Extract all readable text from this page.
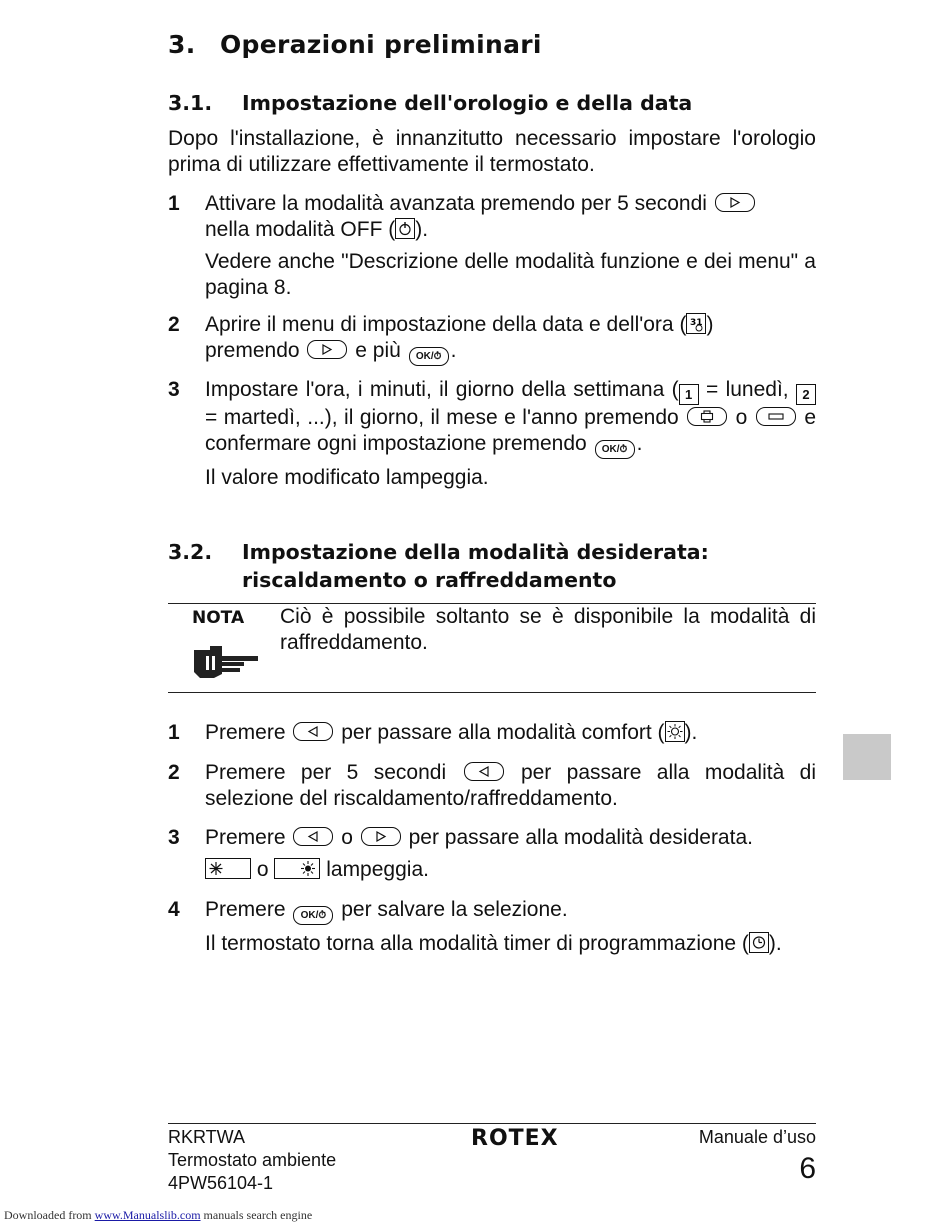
3. Operazioni preliminari
3.1. Impostazione dell'orologio e della data
Dopo l'installazione, è innanzitutto necessario impostare l'orologio prima di utilizzare effettivamente il termostato.
1 Attivare la modalità avanzata premendo per 5 secondi

nella modalità OFF ( ).
Vedere anche "Descrizione delle modalità funzione e dei menu" a pagina 8.
2 Aprire il menu di impostazione della data e dell'ora ( 31 )
premendo	e più OK/⏱ .
3 Impostare l'ora, i minuti, il giorno della settimana ( 1 = lunedì, 2 = martedì, ...), il giorno, il mese e l'anno premendo	o	e confermare ogni impostazione premendo OK/⏱ .
Il valore modificato lampeggia.
3.2. Impostazione della modalità desiderata:
riscaldamento o raffreddamento
NOTA Ciò è possibile soltanto se è disponibile la modalità di raffreddamento.
1 Premere	per passare alla modalità comfort ( ).
2 Premere per 5 secondi	per passare alla modalità di selezione del riscaldamento/raffreddamento.
3 Premere	o	per passare alla modalità desiderata.
o	lampeggia.
4 Premere OK/⏱ per salvare la selezione.
Il termostato torna alla modalità timer di programmazione ( ).
RKRTWA
Termostato ambiente
4PW56104-1
ROTEX	Manuale d’uso
6
Downloaded from www.Manualslib.com manuals search engine
